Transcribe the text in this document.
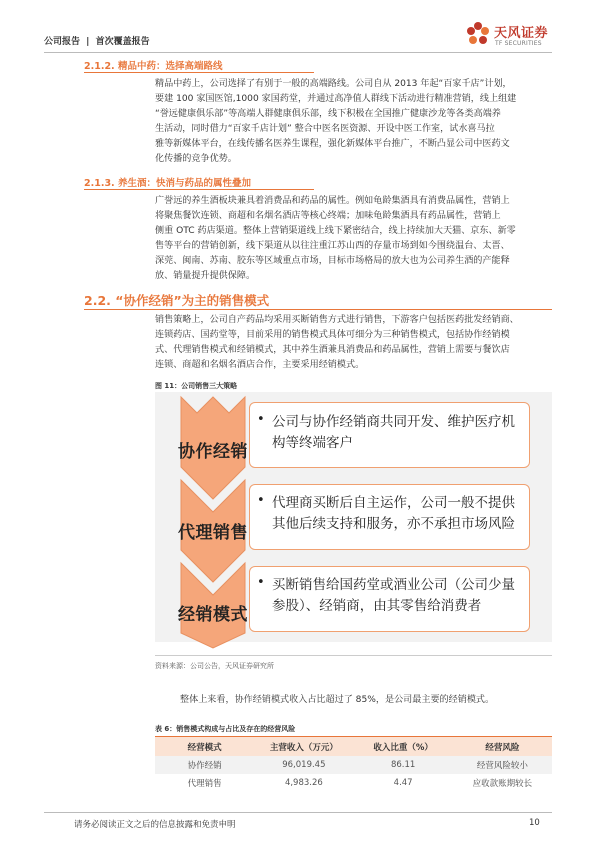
公司报告 | 首次覆盖报告
天风证券
TF SECURITIES
2.1.2. 精品中药：选择高端路线
精品中药上，公司选择了有别于一般的高端路线。公司自从 2013 年起“百家千店”计划，
要建 100 家国医馆,1000 家国药堂，并通过高净值人群线下活动进行精准营销，线上组建
“誉远健康俱乐部”等高端人群健康俱乐部，线下积极在全国推广健康沙龙等各类高端养
生活动，同时借力“百家千店计划” 整合中医名医资源、开设中医工作室，试水喜马拉
雅等新媒体平台，在线传播名医养生课程，强化新媒体平台推广，不断凸显公司中医药文
化传播的竞争优势。
2.1.3. 养生酒：快消与药品的属性叠加
广誉远的养生酒板块兼具着消费品和药品的属性。例如龟龄集酒具有消费品属性，营销上
将聚焦餐饮连锁、商超和名烟名酒店等核心终端；加味龟龄集酒具有药品属性，营销上
侧重 OTC 药店渠道。整体上营销渠道线上线下紧密结合，线上持续加大天猫、京东、新零
售等平台的营销创新，线下渠道从以往注重江苏山西的存量市场到如今围绕温台、太晋、
深莞、闽南、苏南、胶东等区域重点市场，目标市场格局的放大也为公司养生酒的产能释
放、销量提升提供保障。
2.2. “协作经销”为主的销售模式
销售策略上，公司自产药品均采用买断销售方式进行销售，下游客户包括医药批发经销商、
连锁药店、国药堂等，目前采用的销售模式具体可细分为三种销售模式，包括协作经销模
式、代理销售模式和经销模式，其中养生酒兼具消费品和药品属性，营销上需要与餐饮店
连锁、商超和名烟名酒店合作，主要采用经销模式。
图 11：公司销售三大策略
协作经销
代理销售
经销模式
• 公司与协作经销商共同开发、维护医疗机
构等终端客户
• 代理商买断后自主运作，公司一般不提供
其他后续支持和服务，亦不承担市场风险
• 买断销售给国药堂或酒业公司（公司少量
参股）、经销商，由其零售给消费者
资料来源：公司公告，天风证券研究所
整体上来看，协作经销模式收入占比超过了 85%，是公司最主要的经销模式。
表 6：销售模式构成与占比及存在的经营风险
经营模式	主营收入（万元）	收入比重（%）	经营风险
协作经销	96,019.45	86.11	经营风险较小
代理销售	4,983.26	4.47	应收款账期较长
请务必阅读正文之后的信息披露和免责申明	10
